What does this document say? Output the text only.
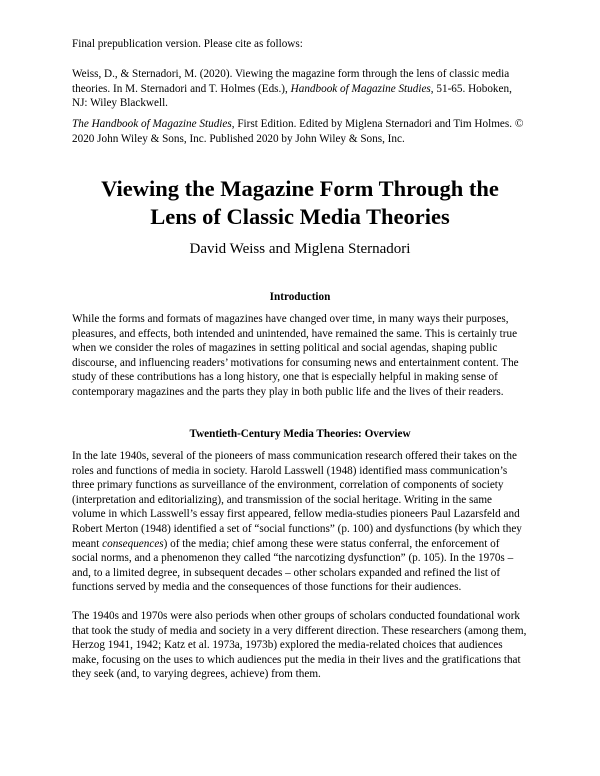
Final prepublication version. Please cite as follows:

Weiss, D., & Sternadori, M. (2020). Viewing the magazine form through the lens of classic media theories. In M. Sternadori and T. Holmes (Eds.), Handbook of Magazine Studies, 51-65. Hoboken, NJ: Wiley Blackwell.

The Handbook of Magazine Studies, First Edition. Edited by Miglena Sternadori and Tim Holmes. © 2020 John Wiley & Sons, Inc. Published 2020 by John Wiley & Sons, Inc.

Viewing the Magazine Form Through the
Lens of Classic Media Theories
David Weiss and Miglena Sternadori
Introduction

While the forms and formats of magazines have changed over time, in many ways their purposes, pleasures, and effects, both intended and unintended, have remained the same. This is certainly true when we consider the roles of magazines in setting political and social agendas, shaping public discourse, and influencing readers’ motivations for consuming news and entertainment content. The study of these contributions has a long history, one that is especially helpful in making sense of contemporary magazines and the parts they play in both public life and the lives of their readers.

Twentieth-Century Media Theories: Overview

In the late 1940s, several of the pioneers of mass communication research offered their takes on the roles and functions of media in society. Harold Lasswell (1948) identified mass communication’s three primary functions as surveillance of the environment, correlation of components of society (interpretation and editorializing), and transmission of the social heritage. Writing in the same volume in which Lasswell’s essay first appeared, fellow media-studies pioneers Paul Lazarsfeld and Robert Merton (1948) identified a set of “social functions” (p. 100) and dysfunctions (by which they meant consequences) of the media; chief among these were status conferral, the enforcement of social norms, and a phenomenon they called “the narcotizing dysfunction” (p. 105). In the 1970s – and, to a limited degree, in subsequent decades – other scholars expanded and refined the list of functions served by media and the consequences of those functions for their audiences.

The 1940s and 1970s were also periods when other groups of scholars conducted foundational work that took the study of media and society in a very different direction. These researchers (among them, Herzog 1941, 1942; Katz et al. 1973a, 1973b) explored the media-related choices that audiences make, focusing on the uses to which audiences put the media in their lives and the gratifications that they seek (and, to varying degrees, achieve) from them.
